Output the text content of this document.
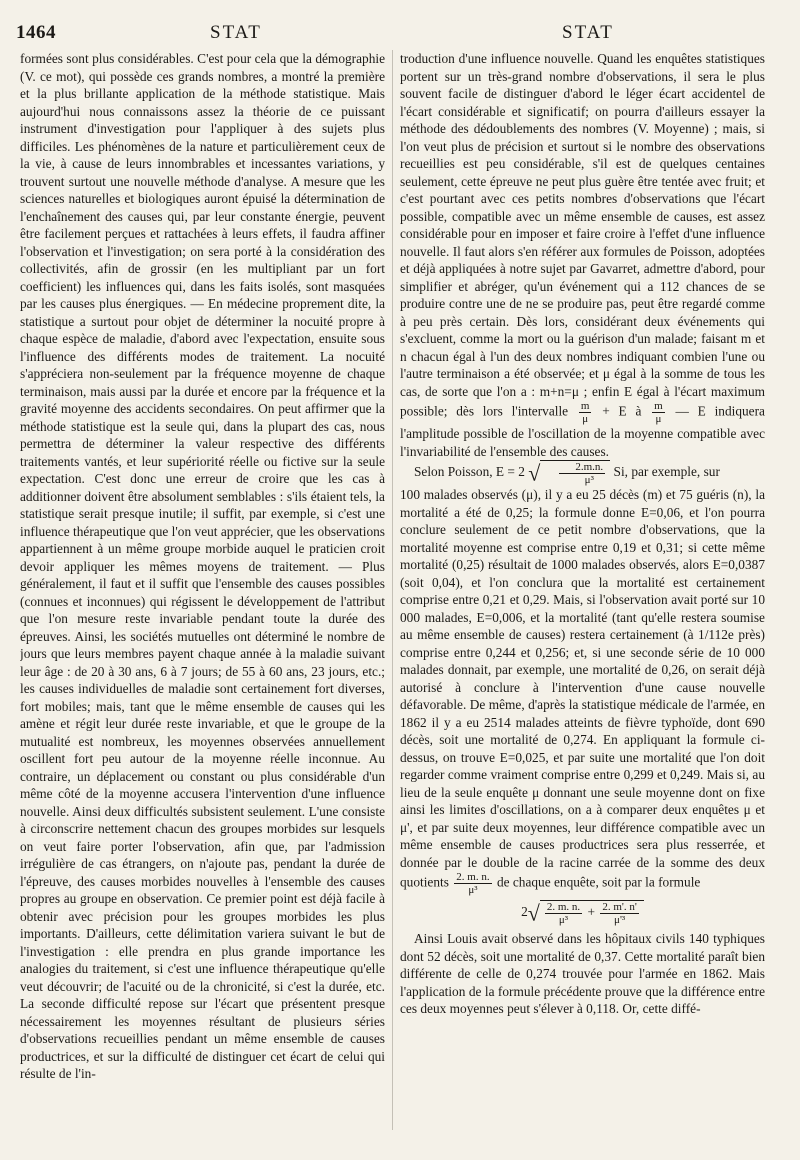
1464	STAT	STAT

formées sont plus considérables. C'est pour cela que la démographie (V. ce mot), qui possède ces grands nombres, a montré la première et la plus brillante application de la méthode statistique. Mais aujourd'hui nous connaissons assez la théorie de ce puissant instrument d'investigation pour l'appliquer à des sujets plus difficiles. Les phénomènes de la nature et particulièrement ceux de la vie, à cause de leurs innombrables et incessantes variations, y trouvent surtout une nouvelle méthode d'analyse. A mesure que les sciences naturelles et biologiques auront épuisé la détermination de l'enchaînement des causes qui, par leur constante énergie, peuvent être facilement perçues et rattachées à leurs effets, il faudra affiner l'observation et l'investigation; on sera porté à la considération des collectivités, afin de grossir (en les multipliant par un fort coefficient) les influences qui, dans les faits isolés, sont masquées par les causes plus énergiques. — En médecine proprement dite, la statistique a surtout pour objet de déterminer la nocuité propre à chaque espèce de maladie, d'abord avec l'expectation, ensuite sous l'influence des différents modes de traitement. La nocuité s'appréciera non-seulement par la fréquence moyenne de chaque terminaison, mais aussi par la durée et encore par la fréquence et la gravité moyenne des accidents secondaires. On peut affirmer que la méthode statistique est la seule qui, dans la plupart des cas, nous permettra de déterminer la valeur respective des différents traitements vantés, et leur supériorité réelle ou fictive sur la seule expectation. C'est donc une erreur de croire que les cas à additionner doivent être absolument semblables : s'ils étaient tels, la statistique serait presque inutile; il suffit, par exemple, si c'est une influence thérapeutique que l'on veut apprécier, que les observations appartiennent à un même groupe morbide auquel le praticien croit devoir appliquer les mêmes moyens de traitement. — Plus généralement, il faut et il suffit que l'ensemble des causes possibles (connues et inconnues) qui régissent le développement de l'attribut que l'on mesure reste invariable pendant toute la durée des épreuves. Ainsi, les sociétés mutuelles ont déterminé le nombre de jours que leurs membres payent chaque année à la maladie suivant leur âge : de 20 à 30 ans, 6 à 7 jours; de 55 à 60 ans, 23 jours, etc.; les causes individuelles de maladie sont certainement fort diverses, fort mobiles; mais, tant que le même ensemble de causes qui les amène et régit leur durée reste invariable, et que le groupe de la mutualité est nombreux, les moyennes observées annuellement oscillent fort peu autour de la moyenne réelle inconnue. Au contraire, un déplacement ou constant ou plus considérable d'un même côté de la moyenne accusera l'intervention d'une influence nouvelle. Ainsi deux difficultés subsistent seulement. L'une consiste à circonscrire nettement chacun des groupes morbides sur lesquels on veut faire porter l'observation, afin que, par l'admission irrégulière de cas étrangers, on n'ajoute pas, pendant la durée de l'épreuve, des causes morbides nouvelles à l'ensemble des causes propres au groupe en observation. Ce premier point est déjà facile à obtenir avec précision pour les groupes morbides les plus importants. D'ailleurs, cette délimitation variera suivant le but de l'investigation : elle prendra en plus grande importance les analogies du traitement, si c'est une influence thérapeutique qu'elle veut découvrir; de l'acuité ou de la chronicité, si c'est la durée, etc. La seconde difficulté repose sur l'écart que présentent presque nécessairement les moyennes résultant de plusieurs séries d'observations recueillies pendant un même ensemble de causes productrices, et sur la difficulté de distinguer cet écart de celui qui résulte de l'in-

troduction d'une influence nouvelle. Quand les enquêtes statistiques portent sur un très-grand nombre d'observations, il sera le plus souvent facile de distinguer d'abord le léger écart accidentel de l'écart considérable et significatif; on pourra d'ailleurs essayer la méthode des dédoublements des nombres (V. Moyenne) ; mais, si l'on veut plus de précision et surtout si le nombre des observations recueillies est peu considérable, s'il est de quelques centaines seulement, cette épreuve ne peut plus guère être tentée avec fruit; et c'est pourtant avec ces petits nombres d'observations que l'écart possible, compatible avec un même ensemble de causes, est assez considérable pour en imposer et faire croire à l'effet d'une influence nouvelle. Il faut alors s'en référer aux formules de Poisson, adoptées et déjà appliquées à notre sujet par Gavarret, admettre d'abord, pour simplifier et abréger, qu'un événement qui a 112 chances de se produire contre une de ne se produire pas, peut être regardé comme à peu près certain. Dès lors, considérant deux événements qui s'excluent, comme la mort ou la guérison d'un malade; faisant m et n chacun égal à l'un des deux nombres indiquant combien l'une ou l'autre terminaison a été observée; et μ égal à la somme de tous les cas, de sorte que l'on a : m+n=μ ; enfin E égal à l'écart maximum possible; dès lors l'intervalle $\frac{m}{\mu} + E$ à $\frac{m}{\mu}$ — E indiquera l'amplitude possible de l'oscillation de la moyenne compatible avec l'invariabilité de l'ensemble des causes.

Selon Poisson, E = 2 √ $\frac{2.m.n.}{\text{μ³}} Si$, par exemple, sur

100 malades observés (μ), il y a eu 25 décès (m) et 75 guéris (n), la mortalité a été de 0,25; la formule donne E=0,06, et l'on pourra conclure seulement de ce petit nombre d'observations, que la mortalité moyenne est comprise entre 0,19 et 0,31; si cette même mortalité (0,25) résultait de 1000 malades observés, alors E=0,0387 (soit 0,04), et l'on conclura que la mortalité est certainement comprise entre 0,21 et 0,29. Mais, si l'observation avait porté sur 10 000 malades, E=0,006, et la mortalité (tant qu'elle restera soumise au même ensemble de causes) restera certainement (à 1/112e près) comprise entre 0,244 et 0,256; et, si une seconde série de 10 000 malades donnait, par exemple, une mortalité de 0,26, on serait déjà autorisé à conclure à l'intervention d'une cause nouvelle défavorable. De même, d'après la statistique médicale de l'armée, en 1862 il y a eu 2514 malades atteints de fièvre typhoïde, dont 690 décès, soit une mortalité de 0,274. En appliquant la formule ci-dessus, on trouve E=0,025, et par suite une mortalité que l'on doit regarder comme vraiment comprise entre 0,299 et 0,249. Mais si, au lieu de la seule enquête μ donnant une seule moyenne dont on fixe ainsi les limites d'oscillations, on a à comparer deux enquêtes μ et μ', et par suite deux moyennes, leur différence compatible avec un même ensemble de causes productrices sera plus resserrée, et donnée par le double de la racine carrée de la somme des deux quotients $\frac{2. m. n.}{\text{μ³}}$ de chaque enquête, soit par la formule

$2√ \frac{2. m. n.}{\text{μ³}} + \frac{2. m'. n'}{\text{μ'³}}$

Ainsi Louis avait observé dans les hôpitaux civils 140 typhiques dont 52 décès, soit une mortalité de 0,37. Cette mortalité paraît bien différente de celle de 0,274 trouvée pour l'armée en 1862. Mais l'application de la formule précédente prouve que la différence entre ces deux moyennes peut s'élever à 0,118. Or, cette diffé-
